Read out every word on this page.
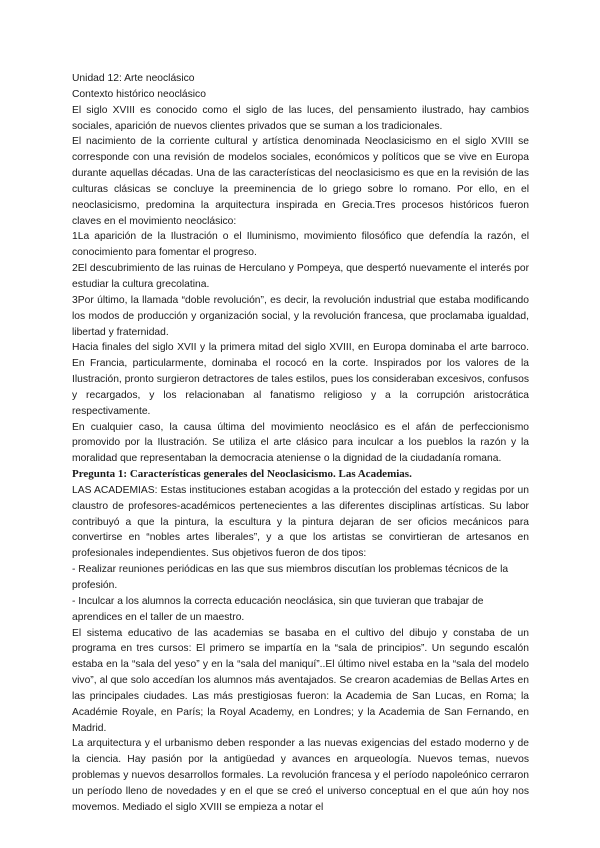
Unidad 12: Arte neoclásico

Contexto histórico neoclásico

El siglo XVIII es conocido como el siglo de las luces, del pensamiento ilustrado, hay cambios sociales, aparición de nuevos clientes privados que se suman a los tradicionales.

El nacimiento de la corriente cultural y artística denominada Neoclasicismo en el siglo XVIII se corresponde con una revisión de modelos sociales, económicos y políticos que se vive en Europa durante aquellas décadas. Una de las características del neoclasicismo es que en la revisión de las culturas clásicas se concluye la preeminencia de lo griego sobre lo romano. Por ello, en el neoclasicismo, predomina la arquitectura inspirada en Grecia.Tres procesos históricos fueron claves en el movimiento neoclásico:

1La aparición de la Ilustración o el Iluminismo, movimiento filosófico que defendía la razón, el conocimiento para fomentar el progreso.

2El descubrimiento de las ruinas de Herculano y Pompeya, que despertó nuevamente el interés por estudiar la cultura grecolatina.

3Por último, la llamada “doble revolución”, es decir, la revolución industrial que estaba modificando los modos de producción y organización social, y la revolución francesa, que proclamaba igualdad, libertad y fraternidad.

Hacia finales del siglo XVII y la primera mitad del siglo XVIII, en Europa dominaba el arte barroco. En Francia, particularmente, dominaba el rococó en la corte. Inspirados por los valores de la Ilustración, pronto surgieron detractores de tales estilos, pues los consideraban excesivos, confusos y recargados, y los relacionaban al fanatismo religioso y a la corrupción aristocrática respectivamente.

En cualquier caso, la causa última del movimiento neoclásico es el afán de perfeccionismo promovido por la Ilustración. Se utiliza el arte clásico para inculcar a los pueblos la razón y la moralidad que representaban la democracia ateniense o la dignidad de la ciudadanía romana.

Pregunta 1: Características generales del Neoclasicismo. Las Academias.

LAS ACADEMIAS: Estas instituciones estaban acogidas a la protección del estado y regidas por un claustro de profesores-académicos pertenecientes a las diferentes disciplinas artísticas. Su labor contribuyó a que la pintura, la escultura y la pintura dejaran de ser oficios mecánicos para convertirse en “nobles artes liberales”, y a que los artistas se convirtieran de artesanos en profesionales independientes. Sus objetivos fueron de dos tipos:

- Realizar reuniones periódicas en las que sus miembros discutían los problemas técnicos de la profesión.

- Inculcar a los alumnos la correcta educación neoclásica, sin que tuvieran que trabajar de aprendices en el taller de un maestro.

El sistema educativo de las academias se basaba en el cultivo del dibujo y constaba de un programa en tres cursos: El primero se impartía en la “sala de principios”. Un segundo escalón estaba en la “sala del yeso” y en la “sala del maniquí”..El último nivel estaba en la “sala del modelo vivo”, al que solo accedían los alumnos más aventajados. Se crearon academias de Bellas Artes en las principales ciudades. Las más prestigiosas fueron: la Academia de San Lucas, en Roma; la Académie Royale, en París; la Royal Academy, en Londres; y la Academia de San Fernando, en Madrid.

La arquitectura y el urbanismo deben responder a las nuevas exigencias del estado moderno y de la ciencia. Hay pasión por la antigüedad y avances en arqueología. Nuevos temas, nuevos problemas y nuevos desarrollos formales. La revolución francesa y el período napoleónico cerraron un período lleno de novedades y en el que se creó el universo conceptual en el que aún hoy nos movemos. Mediado el siglo XVIII se empieza a notar el
